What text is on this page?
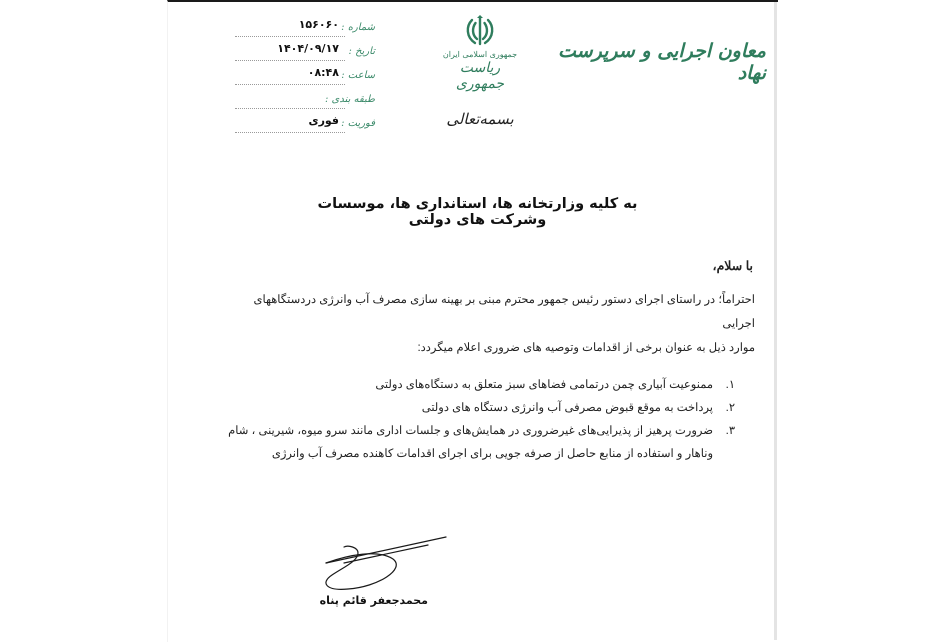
شماره :
۱۵۶۰۶۰
تاریخ :
۱۴۰۴/۰۹/۱۷
ساعت :
۰۸:۴۸
طبقه بندی :
فوریت :
فوری
جمهوری اسلامی ایران
ریاست جمهوری
بسمه‌تعالی
معاون اجرایی و سرپرست نهاد
به کلیه وزارتخانه ها، استانداری ها، موسسات وشرکت های دولتی
با سلام،
احتراماً؛ در راستای اجرای دستور رئیس جمهور محترم مبنی بر بهینه سازی مصرف آب وانرژی دردستگاههای اجرایی
موارد ذیل به عنوان برخی از اقدامات وتوصیه های ضروری اعلام میگردد:
۱.
ممنوعیت آبیاری چمن درتمامی فضاهای سبز متعلق به دستگاه‌های دولتی
۲.
پرداخت به موقع قبوض مصرفی آب وانرژی دستگاه های دولتی
۳.
ضرورت پرهیز از پذیرایی‌های غیرضروری در همایش‌های و جلسات اداری مانند سرو میوه، شیرینی ، شام وناهار و استفاده از منابع حاصل از صرفه جویی برای اجرای اقدامات کاهنده مصرف آب وانرژی
محمدجعفر قائم پناه
